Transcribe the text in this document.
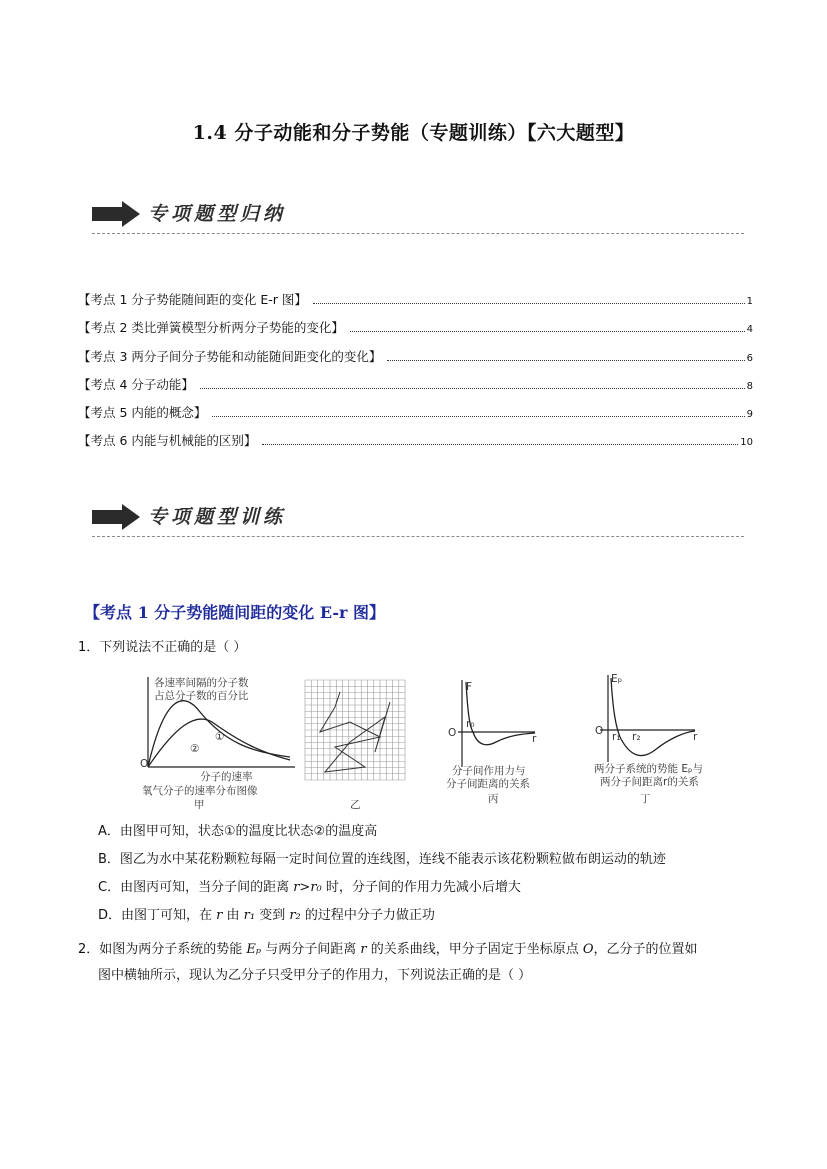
1.4 分子动能和分子势能（专题训练）【六大题型】
专项题型归纳
【考点 1 分子势能随间距的变化 E-r 图】	1
【考点 2 类比弹簧模型分析两分子势能的变化】	4
【考点 3 两分子间分子势能和动能随间距变化的变化】	6
【考点 4 分子动能】	8
【考点 5 内能的概念】	9
【考点 6 内能与机械能的区别】	10
专项题型训练
【考点 1 分子势能随间距的变化 E-r 图】
1．下列说法不正确的是（ ）
各速率间隔的分子数
占总分子数的百分比
O
①
②
分子的速率
氧气分子的速率分布图像
甲	乙
F
O
r₀
r
分子间作用力与
分子间距离的关系
丙
Eₚ
O r₁ r₂	r
两分子系统的势能 Eₚ与
两分子间距离r的关系
丁
A．由图甲可知，状态①的温度比状态②的温度高
B．图乙为水中某花粉颗粒每隔一定时间位置的连线图，连线不能表示该花粉颗粒做布朗运动的轨迹
C．由图丙可知，当分子间的距离 r>r₀ 时，分子间的作用力先减小后增大
D．由图丁可知，在 r 由 r₁ 变到 r₂ 的过程中分子力做正功
2．如图为两分子系统的势能 Eₚ 与两分子间距离 r 的关系曲线，甲分子固定于坐标原点 O，乙分子的位置如
图中横轴所示，现认为乙分子只受甲分子的作用力，下列说法正确的是（ ）
